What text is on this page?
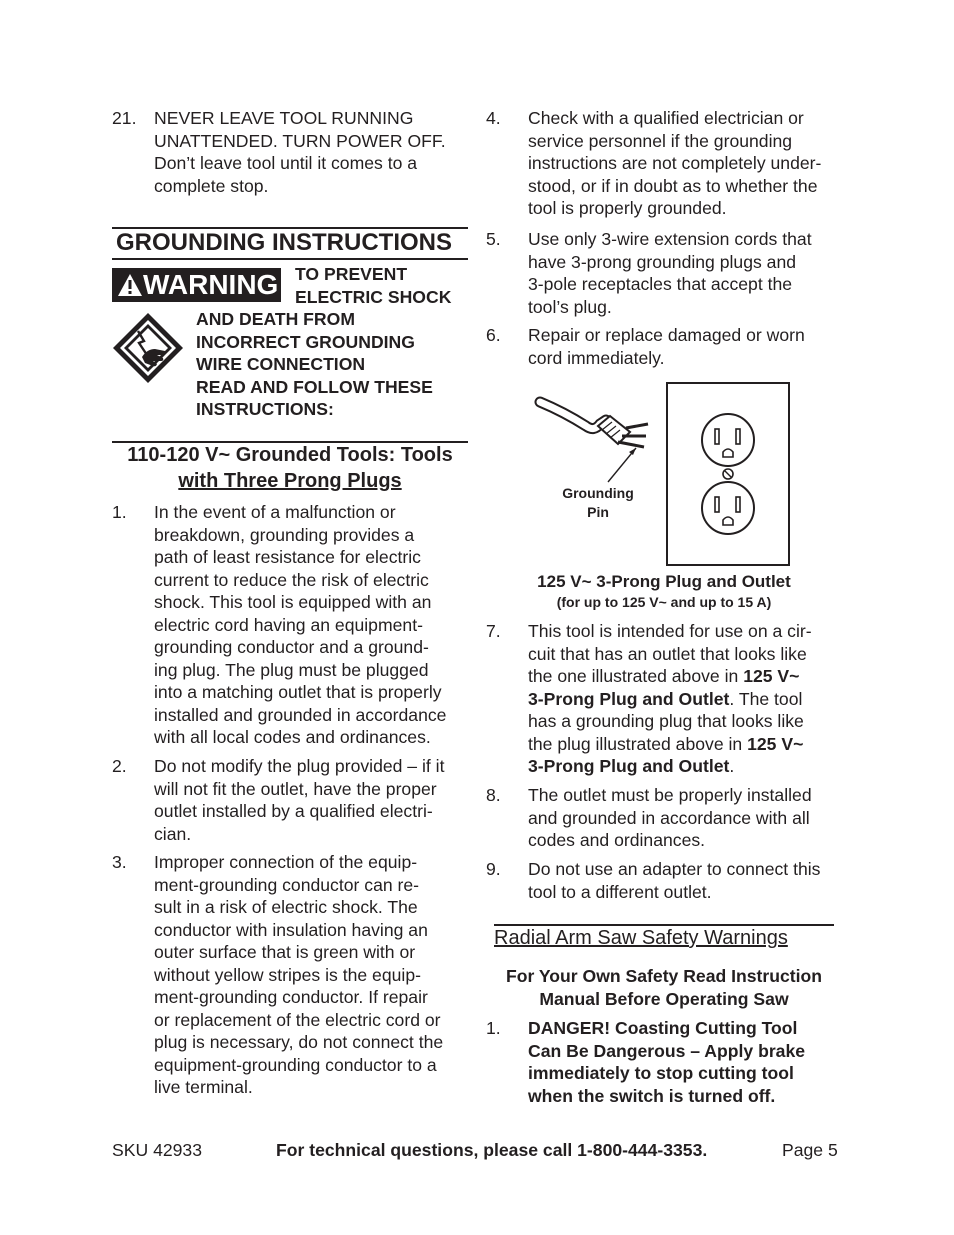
21. NEVER LEAVE TOOL RUNNING
UNATTENDED. TURN POWER OFF.
Don’t leave tool until it comes to a
complete stop.
GROUNDING INSTRUCTIONS
WARNING TO PREVENT
ELECTRIC SHOCK
AND DEATH FROM
INCORRECT GROUNDING
WIRE CONNECTION
READ AND FOLLOW THESE
INSTRUCTIONS:
110-120 V~ Grounded Tools: Tools
with Three Prong Plugs
1. In the event of a malfunction or
breakdown, grounding provides a
path of least resistance for electric
current to reduce the risk of electric
shock. This tool is equipped with an
electric cord having an equipment-
grounding conductor and a ground-
ing plug. The plug must be plugged
into a matching outlet that is properly
installed and grounded in accordance
with all local codes and ordinances.
2. Do not modify the plug provided – if it
will not fit the outlet, have the proper
outlet installed by a qualified electri-
cian.
3. Improper connection of the equip-
ment-grounding conductor can re-
sult in a risk of electric shock. The
conductor with insulation having an
outer surface that is green with or
without yellow stripes is the equip-
ment-grounding conductor. If repair
or replacement of the electric cord or
plug is necessary, do not connect the
equipment-grounding conductor to a
live terminal.
4. Check with a qualified electrician or
service personnel if the grounding
instructions are not completely under-
stood, or if in doubt as to whether the
tool is properly grounded.
5. Use only 3-wire extension cords that
have 3-prong grounding plugs and
3-pole receptacles that accept the
tool’s plug.
6. Repair or replace damaged or worn
cord immediately.
Grounding
Pin
125 V~ 3-Prong Plug and Outlet
(for up to 125 V~ and up to 15 A)
7. This tool is intended for use on a cir-
cuit that has an outlet that looks like
the one illustrated above in 125 V~
3-Prong Plug and Outlet. The tool
has a grounding plug that looks like
the plug illustrated above in 125 V~
3-Prong Plug and Outlet.
8. The outlet must be properly installed
and grounded in accordance with all
codes and ordinances.
9. Do not use an adapter to connect this
tool to a different outlet.
Radial Arm Saw Safety Warnings
For Your Own Safety Read Instruction
Manual Before Operating Saw
1. DANGER! Coasting Cutting Tool
Can Be Dangerous – Apply brake
immediately to stop cutting tool
when the switch is turned off.
SKU 42933	For technical questions, please call 1-800-444-3353.	Page 5
